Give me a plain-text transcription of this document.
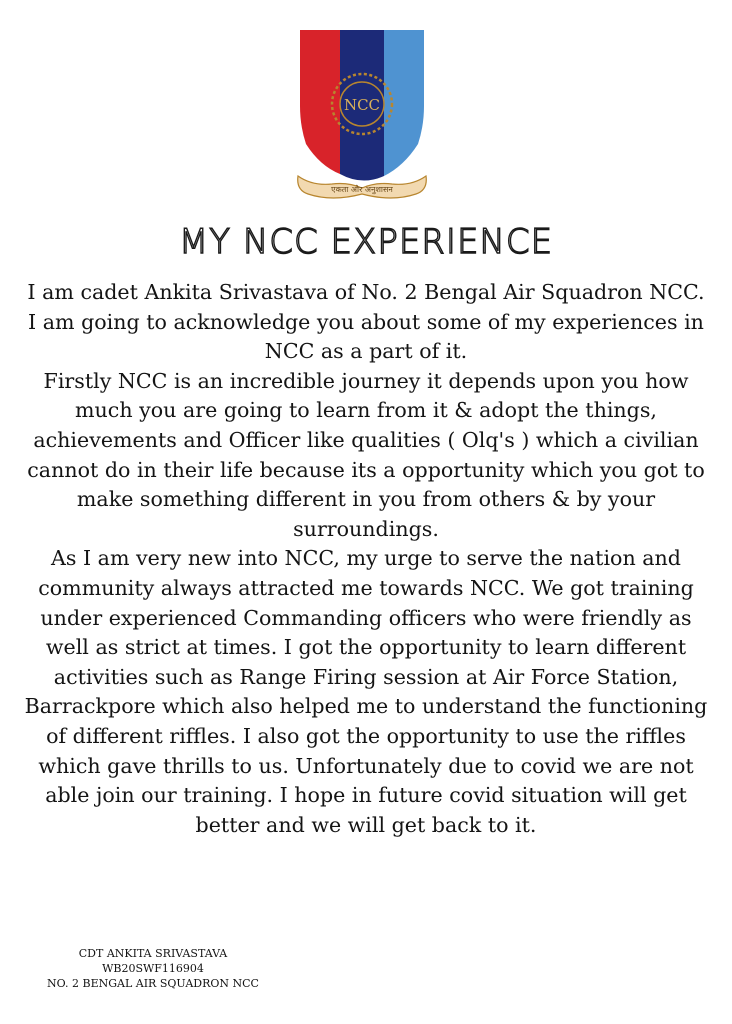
NCC
एकता और अनुशासन
MY NCC EXPERIENCE

I am cadet Ankita Srivastava of No. 2 Bengal Air Squadron NCC. I am going to acknowledge you about some of my experiences in NCC as a part of it.

Firstly NCC is an incredible journey it depends upon you how much you are going to learn from it & adopt the things, achievements and Officer like qualities ( Olq's ) which a civilian cannot do in their life because its a opportunity which you got to make something different in you from others & by your surroundings.

As I am very new into NCC, my urge to serve the nation and community always attracted me towards NCC. We got training under experienced Commanding officers who were friendly as well as strict at times. I got the opportunity to learn different activities such as Range Firing session at Air Force Station, Barrackpore which also helped me to understand the functioning of different riffles. I also got the opportunity to use the riffles which gave thrills to us. Unfortunately due to covid we are not able join our training. I hope in future covid situation will get better and we will get back to it.

CDT ANKITA SRIVASTAVA
WB20SWF116904
NO. 2 BENGAL AIR SQUADRON NCC
